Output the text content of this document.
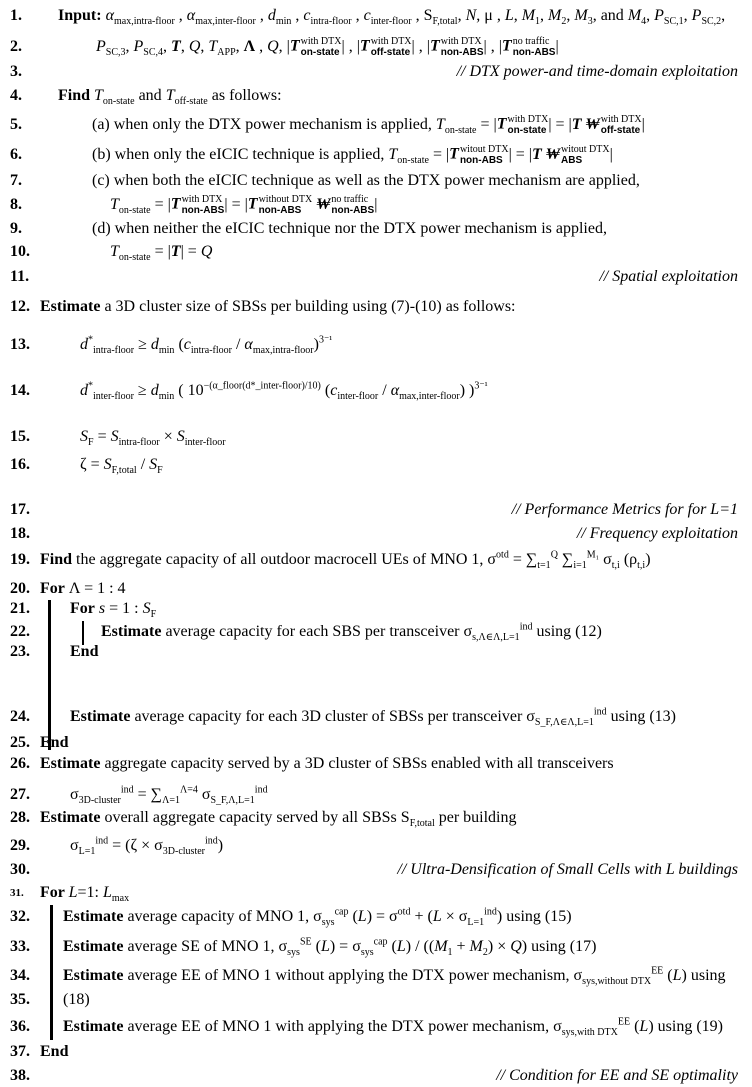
1. Input: $\alpha_{max,intra-floor}$ , $\alpha_{max,inter-floor}$ , $d_{min}$ , $c_{intra-floor}$ , $c_{inter-floor}$ , $S_{F,total}$, N, μ , L, $M_1$, $M_2$, $M_3$, and $M_4$, $P_{SC,1}$, $P_{SC,2}$,
2.	$P_{SC,3}$, $P_{SC,4}$, T, Q, $T_{APP}$, Λ , Q, |T with DTX
on-state | , |T with DTX
off-state | , |T with DTX
non-ABS | , |T no traffic
non-ABS |
3.	// DTX power-and time-domain exploitation
4. Find $T_{on-state}$ and $T_{off-state}$ as follows:
5.	(a) when only the DTX power mechanism is applied, $T_{on-state} = |T$ with DTX
on-state | = |T ₩ with DTX
off-state |
6.	(b) when only the eICIC technique is applied, $T_{on-state} = |T$ witout DTX
non-ABS | = |T ₩ witout DTX
ABS	|
7.	(c) when both the eICIC technique as well as the DTX power mechanism are applied,
8.	$T_{on-state} = |T$ with DTX
non-ABS | = |T without DTX
non-ABS ₩ no traffic
non-ABS |
9.	(d) when neither the eICIC technique nor the DTX power mechanism is applied,
10.	$T_{on-state} = |T| = Q$
11.	// Spatial exploitation
12. Estimate a 3D cluster size of SBSs per building using (7)-(10) as follows:
13.	$d^*_{intra-floor} \ge d_{min}$ $(c_{intra-floor} / \alpha_{max,intra-floor})^{3^{-1}}$
14.	$d^*_{inter-floor} \ge d_{min}$ ( $10^{-(\alpha\_floor(d*\_inter-floor)/10)}$ $(c_{inter-floor} / \alpha_{max,inter-floor})$ )$^{3^{-1}}$
15.	$S_F = S_{intra-floor} \times S_{inter-floor}$
16.	$\zeta = S_{F,total} / S_F$
17.	// Performance Metrics for for L=1
18.	// Frequency exploitation
19. Find the aggregate capacity of all outdoor macrocell UEs of MNO 1, $\sigma^{otd} = \sum_{t=1}^Q$ $\sum_{i=1}^{M_1}$ $\sigma_{t,i}$ $(\rho_{t,i})$
20. For Λ = 1 : 4
21.	For s = 1 : $S_F$
22.	Estimate average capacity for each SBS per transceiver $\sigma_{s,\Lambda\in\Lambda,L=1}^{ind}$ using (12)
23.	End
24.	Estimate average capacity for each 3D cluster of SBSs per transceiver $\sigma_{S\_F,\Lambda\in\Lambda,L=1}^{ind}$ using (13)
25. End
26. Estimate aggregate capacity served by a 3D cluster of SBSs enabled with all transceivers
27.	$\sigma_{3D-cluster}^{ind} = \sum_{\Lambda=1}^{\Lambda=4}$ $\sigma_{S\_F,\Lambda,L=1}^{ind}$
28. Estimate overall aggregate capacity served by all SBSs $S_{F,total}$ per building
29.	$\sigma_{L=1}^{ind} = (\zeta \times \sigma_{3D-cluster}^{ind})$
30.	// Ultra-Densification of Small Cells with L buildings
31. For L=1: $L_{max}$
32. Estimate average capacity of MNO 1, $\sigma_{sys}^{cap}$ $(L) = \sigma^{otd} + (L \times \sigma_{L=1}^{ind})$ using (15)
33. Estimate average SE of MNO 1, $\sigma_{sys}^{SE}$ $(L) = \sigma_{sys}^{cap}$ $(L) / ((M_1 + M_2) \times Q)$ using (17)
34. Estimate average EE of MNO 1 without applying the DTX power mechanism, $\sigma_{sys,without DTX}^{EE}$ (L) using
35. (18)
36. Estimate average EE of MNO 1 with applying the DTX power mechanism, $\sigma_{sys,with DTX}^{EE}$ (L) using (19)
37. End
38.	// Condition for EE and SE optimality
